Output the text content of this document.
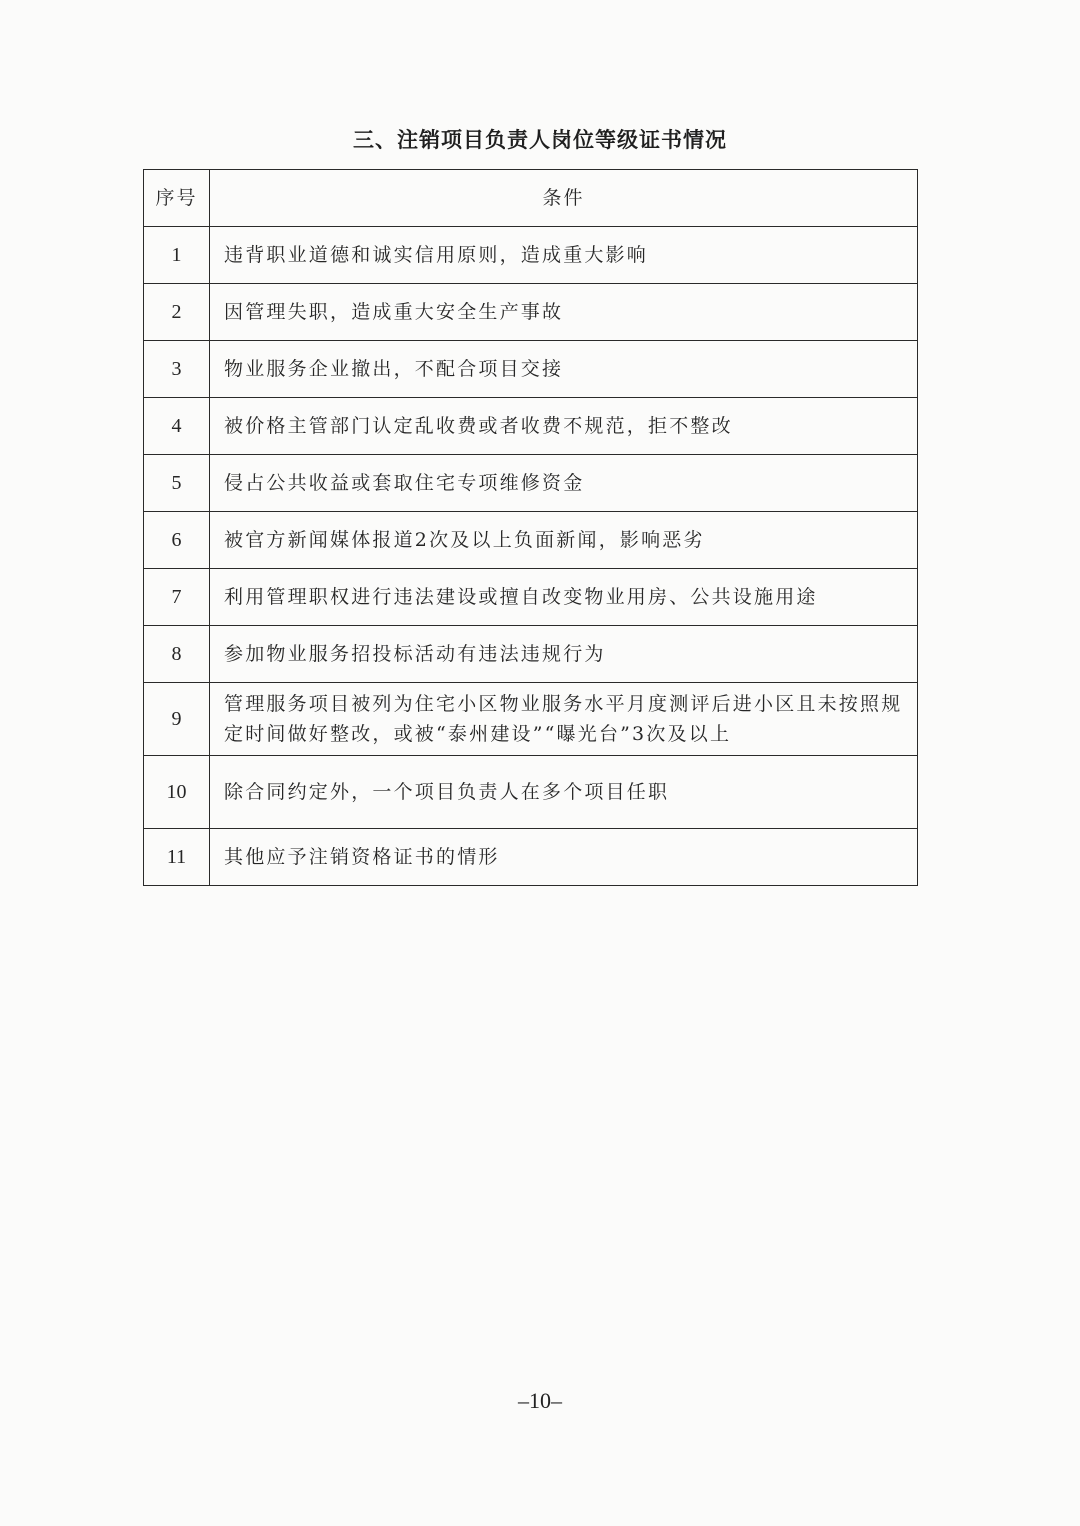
三、注销项目负责人岗位等级证书情况
序号	条件
1	违背职业道德和诚实信用原则，造成重大影响
2	因管理失职，造成重大安全生产事故
3	物业服务企业撤出，不配合项目交接
4	被价格主管部门认定乱收费或者收费不规范，拒不整改
5	侵占公共收益或套取住宅专项维修资金
6	被官方新闻媒体报道2次及以上负面新闻，影响恶劣
7	利用管理职权进行违法建设或擅自改变物业用房、公共设施用途
8	参加物业服务招投标活动有违法违规行为
9	管理服务项目被列为住宅小区物业服务水平月度测评后进小区且未按照规定时间做好整改，或被“泰州建设”“曝光台”3次及以上
10	除合同约定外，一个项目负责人在多个项目任职
11	其他应予注销资格证书的情形
–10–
